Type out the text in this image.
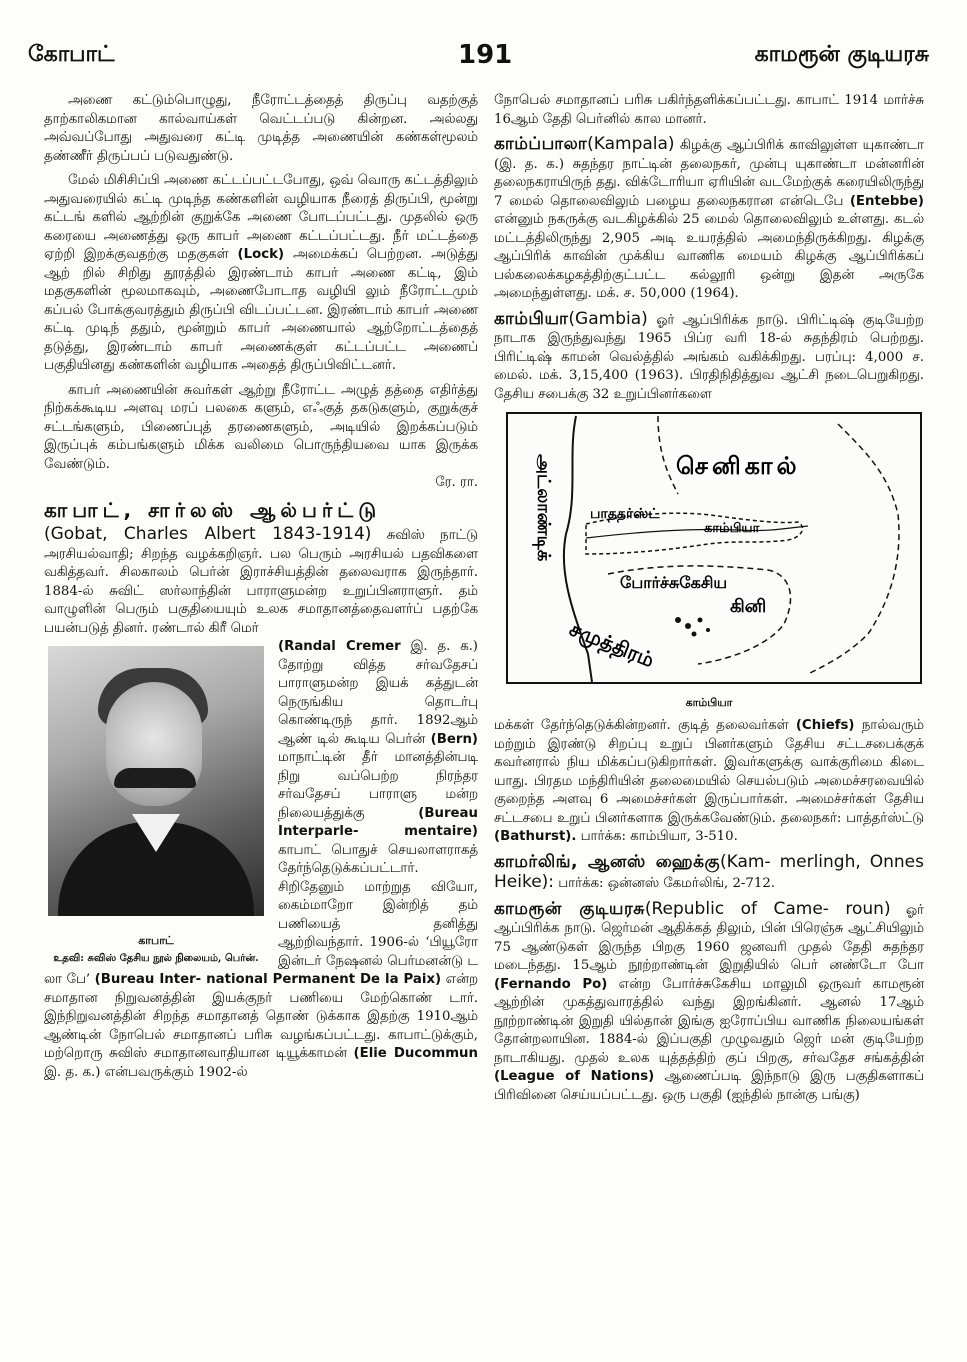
கோபாட்	191	காமரூன் குடியரசு

அணை கட்டும்பொழுது, நீரோட்டத்தைத் திருப்பு வதற்குத் தாற்காலிகமான கால்வாய்கள் வெட்டப்படு கின்றன. அல்லது அவ்வப்போது அதுவரை கட்டி முடித்த அணையின் கண்கள்மூலம் தண்ணீர் திருப்பப் படுவதுண்டு.

மேல் மிசிசிப்பி அணை கட்டப்பட்டபோது, ஒவ் வொரு கட்டத்திலும் அதுவரையில் கட்டி முடிந்த கண்களின் வழியாக நீரைத் திருப்பி, மூன்று கட்டங் களில் ஆற்றின் குறுக்கே அணை போடப்பட்டது. முதலில் ஒரு கரையை அணைத்து ஒரு காபர் அணை கட்டப்பட்டது. நீர் மட்டத்தை ஏற்றி இறக்குவதற்கு மதகுகள் (Lock) அமைக்கப் பெற்றன. அடுத்து ஆற் றில் சிறிது தூரத்தில் இரண்டாம் காபர் அணை கட்டி, இம் மதகுகளின் மூலமாகவும், அணைபோடாத வழியி லும் நீரோட்டமும் கப்பல் போக்குவரத்தும் திருப்பி விடப்பட்டன. இரண்டாம் காபர் அணை கட்டி முடிந் ததும், மூன்றும் காபர் அணையால் ஆற்றோட்டத்தைத் தடுத்து, இரண்டாம் காபர் அணைக்குள் கட்டப்பட்ட அணைப் பகுதியினது கண்களின் வழியாக அதைத் திருப்பிவிட்டனர்.

காபர் அணையின் சுவர்கள் ஆற்று நீரோட்ட அழுத் தத்தை எதிர்த்து நிற்கக்கூடிய அளவு மரப் பலகை களும், எஃகுத் தகடுகளும், குறுக்குச் சட்டங்களும், பிணைப்புத் தரணைகளும், அடியில் இறக்கப்படும் இருப்புக் கம்பங்களும் மிக்க வலிமை பொருந்தியவை யாக இருக்க வேண்டும்.

ரே. ரா.
காபாட், சார்லஸ் ஆல்பர்ட்டு

(Gobat, Charles Albert 1843-1914) சுவிஸ் நாட்டு அரசியல்வாதி; சிறந்த வழக்கறிஞர். பல பெரும் அரசியல் பதவிகளை வகித்தவர். சிலகாலம் பெர்ன் இராச்சியத்தின் தலைவராக இருந்தார். 1884-ல் சுவிட் ஸர்லாந்தின் பாராளுமன்ற உறுப்பினராளுர். தம் வாழுளின் பெரும் பகுதியையும் உலக சமாதானத்தைவளர்ப் பதற்கே பயன்படுத் தினர். ரண்டால் கிரீ மெர்

காபாட்
உதவி: சுவிஸ் தேசிய நூல் நிலையம், பெர்ன்.

(Randal Cremer இ. த. க.) தோற்று வித்த சர்வதேசப் பாராளுமன்ற இயக் கத்துடன் நெருங்கிய தொடர்பு கொண்டிருந் தார். 1892ஆம் ஆண் டில் கூடிய பெர்ன் (Bern) மாநாட்டின் தீர் மானத்தின்படி நிறு வப்பெற்ற நிரந்தர சர்வதேசப் பாராளு மன்ற நிலையத்துக்கு (Bureau Interparle- mentaire) காபாட் பொதுச் செயலாளராகத் தேர்ந்தெடுக்கப்பட்டார். சிறிதேனும் மாற்றுத வியோ, கைம்மாறோ இன்றித் தம் பணியைத் தனித்து ஆற்றிவந்தார். 1906-ல் ‘பியூரோ இன்டர் நேஷனல் பெர்மனன்டு ட லா பே’ (Bureau Inter- national Permanent De la Paix) என்ற சமாதான நிறுவனத்தின் இயக்குநர் பணியை மேற்கொண் டார். இந்நிறுவனத்தின் சிறந்த சமாதானத் தொண் டுக்காக இதற்கு 1910ஆம் ஆண்டின் நோபெல் சமாதானப் பரிசு வழங்கப்பட்டது. காபாட்டுக்கும், மற்றொரு சுவிஸ் சமாதானவாதியான டியூக்காமன் (Elie Ducommun இ. த. க.) என்பவருக்கும் 1902-ல்

நோபெல் சமாதானப் பரிசு பகிர்ந்தளிக்கப்பட்டது. காபாட் 1914 மார்ச்சு 16ஆம் தேதி பெர்னில் கால மானர்.

காம்ப்பாலா(Kampala) கிழக்கு ஆப்பிரிக் காவிலுள்ள யுகாண்டா (இ. த. க.) சுதந்தர நாட்டின் தலைநகர், முன்பு யுகாண்டா மன்னரின் தலைநகராயிருந் தது. விக்டோரியா ஏரியின் வடமேற்குக் கரையிலிருந்து 7 மைல் தொலைவிலும் பழைய தலைநகரான என்டெபே (Entebbe) என்னும் நகருக்கு வடகிழக்கில் 25 மைல் தொலைவிலும் உள்ளது. கடல் மட்டத்திலிருந்து 2,905 அடி உயரத்தில் அமைந்திருக்கிறது. கிழக்கு ஆப்பிரிக் காவின் முக்கிய வாணிக மையம் கிழக்கு ஆப்பிரிக்கப் பல்கலைக்கழகத்திற்குட்பட்ட கல்லூரி ஒன்று இதன் அருகே அமைந்துள்ளது. மக். ச. 50,000 (1964).

காம்பியா(Gambia) ஓர் ஆப்பிரிக்க நாடு. பிரிட்டிஷ் குடியேற்ற நாடாக இருந்துவந்து 1965 பிப்ர வரி 18-ல் சுதந்திரம் பெற்றது. பிரிட்டிஷ் காமன் வெல்த்தில் அங்கம் வகிக்கிறது. பரப்பு: 4,000 ச. மைல். மக். 3,15,400 (1963). பிரதிநிதித்துவ ஆட்சி நடைபெறுகிறது. தேசிய சபைக்கு 32 உறுப்பினர்களை

செனிகால்
அட்லாண்டிக்	பாததர்ஸ்ட்
காம்பியா
போர்ச்சுகேசிய
கினி
சமுத்திரம்
காம்பியா

மக்கள் தேர்ந்தெடுக்கின்றனர். குடித் தலைவர்கள் (Chiefs) நால்வரும் மற்றும் இரண்டு சிறப்பு உறுப் பினர்களும் தேசிய சட்டசபைக்குக் கவர்னரால் நிய மிக்கப்படுகிறார்கள். இவர்களுக்கு வாக்குரிமை கிடை யாது. பிரதம மந்திரியின் தலைமையில் செயல்படும் அமைச்சரவையில் குறைந்த அளவு 6 அமைச்சர்கள் இருப்பார்கள். அமைச்சர்கள் தேசிய சட்டசபை உறுப் பினர்களாக இருக்கவேண்டும். தலைநகர்: பாத்தர்ஸ்ட்டு (Bathurst). பார்க்க: காம்பியா, 3-510.

காமர்லிங், ஆனஸ் ஹைக்கு(Kam- merlingh, Onnes Heike): பார்க்க: ஒன்னஸ் கேமர்லிங், 2-712.

காமரூன் குடியரசு(Republic of Came- roun) ஓர் ஆப்பிரிக்க நாடு. ஜெர்மன் ஆதிக்கத் திலும், பின் பிரெஞ்சு ஆட்சியிலும் 75 ஆண்டுகள் இருந்த பிறகு 1960 ஜனவரி முதல் தேதி சுதந்தர மடைந்தது. 15ஆம் நூற்றாண்டின் இறுதியில் பெர் னண்டோ போ (Fernando Po) என்ற போர்ச்சுகேசிய மாலுமி ஒருவர் காமரூன் ஆற்றின் முகத்துவாரத்தில் வந்து இறங்கினர். ஆனல் 17ஆம் நூற்றாண்டின் இறுதி யில்தான் இங்கு ஐரோப்பிய வாணிக நிலையங்கள் தோன்றலாயின. 1884-ல் இப்பகுதி முழுவதும் ஜெர் மன் குடியேற்ற நாடாகியது. முதல் உலக யுத்தத்திற் குப் பிறகு, சர்வதேச சங்கத்தின் (League of Nations) ஆணைப்படி இந்நாடு இரு பகுதிகளாகப் பிரிவினை செய்யப்பட்டது. ஒரு பகுதி (ஐந்தில் நான்கு பங்கு)
